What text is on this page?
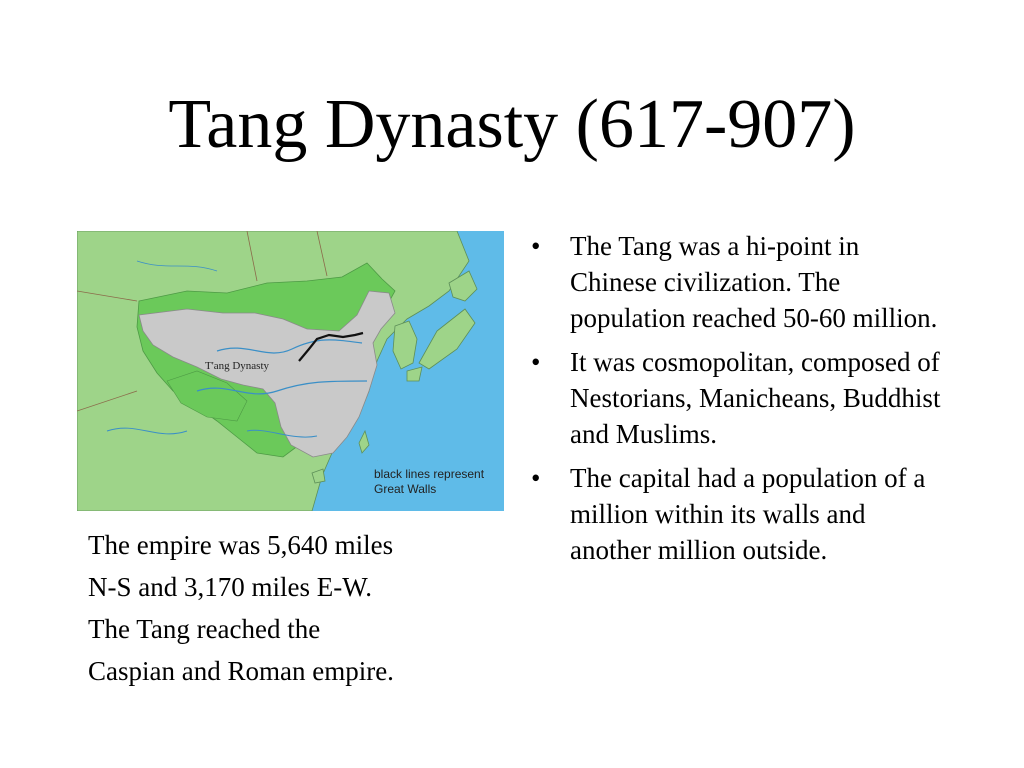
Tang Dynasty (617-907)

T'ang Dynasty

black lines represent
Great Walls

The empire was 5,640 miles
N-S and 3,170 miles E-W.
The Tang reached the
Caspian and Roman empire.

• The Tang was a hi-point in Chinese civilization. The population reached 50-60 million.
• It was cosmopolitan, composed of Nestorians, Manicheans, Buddhist and Muslims.
• The capital had a population of a million within its walls and another million outside.
